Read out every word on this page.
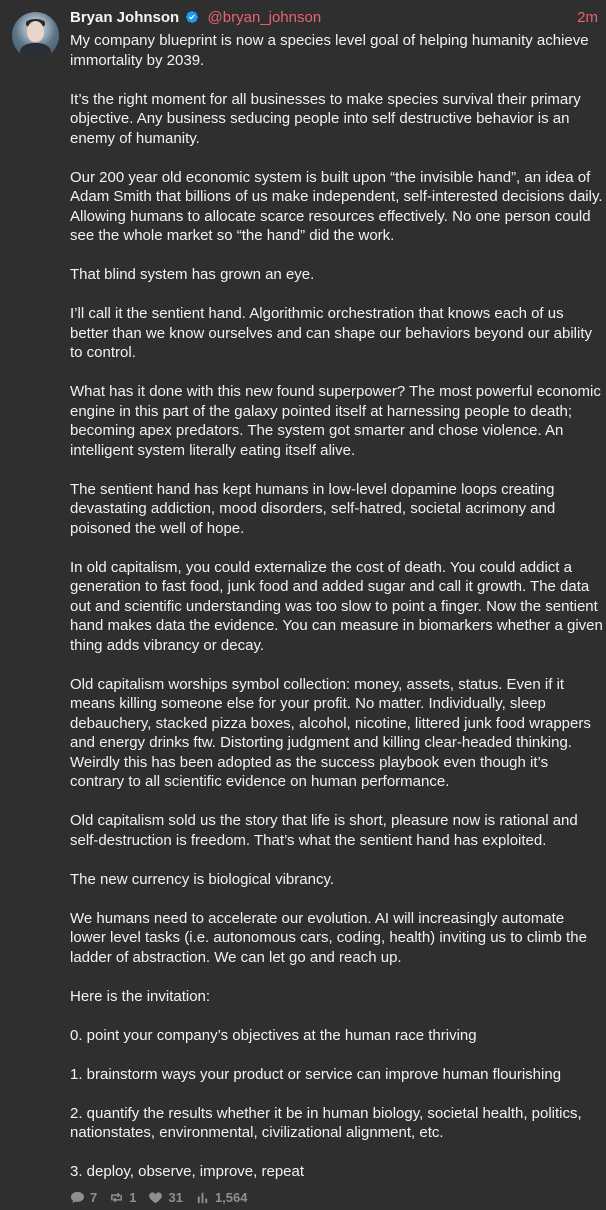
Bryan Johnson @bryan_johnson	2m

My company blueprint is now a species level goal of helping humanity achieve immortality by 2039.

It’s the right moment for all businesses to make species survival their primary objective. Any business seducing people into self destructive behavior is an enemy of humanity.

Our 200 year old economic system is built upon “the invisible hand”, an idea of Adam Smith that billions of us make independent, self-interested decisions daily. Allowing humans to allocate scarce resources effectively. No one person could see the whole market so “the hand” did the work.

That blind system has grown an eye.

I’ll call it the sentient hand. Algorithmic orchestration that knows each of us better than we know ourselves and can shape our behaviors beyond our ability to control.

What has it done with this new found superpower? The most powerful economic engine in this part of the galaxy pointed itself at harnessing people to death; becoming apex predators. The system got smarter and chose violence. An intelligent system literally eating itself alive.

The sentient hand has kept humans in low-level dopamine loops creating devastating addiction, mood disorders, self-hatred, societal acrimony and poisoned the well of hope.

In old capitalism, you could externalize the cost of death. You could addict a generation to fast food, junk food and added sugar and call it growth. The data out and scientific understanding was too slow to point a finger. Now the sentient hand makes data the evidence. You can measure in biomarkers whether a given thing adds vibrancy or decay.

Old capitalism worships symbol collection: money, assets, status. Even if it means killing someone else for your profit. No matter. Individually, sleep debauchery, stacked pizza boxes, alcohol, nicotine, littered junk food wrappers and energy drinks ftw. Distorting judgment and killing clear-headed thinking. Weirdly this has been adopted as the success playbook even though it’s contrary to all scientific evidence on human performance.

Old capitalism sold us the story that life is short, pleasure now is rational and self-destruction is freedom. That’s what the sentient hand has exploited.

The new currency is biological vibrancy.

We humans need to accelerate our evolution. AI will increasingly automate lower level tasks (i.e. autonomous cars, coding, health) inviting us to climb the ladder of abstraction. We can let go and reach up.

Here is the invitation:

0. point your company’s objectives at the human race thriving

1. brainstorm ways your product or service can improve human flourishing

2. quantify the results whether it be in human biology, societal health, politics, nationstates, environmental, civilizational alignment, etc.

3. deploy, observe, improve, repeat

7 1 31 1,564
